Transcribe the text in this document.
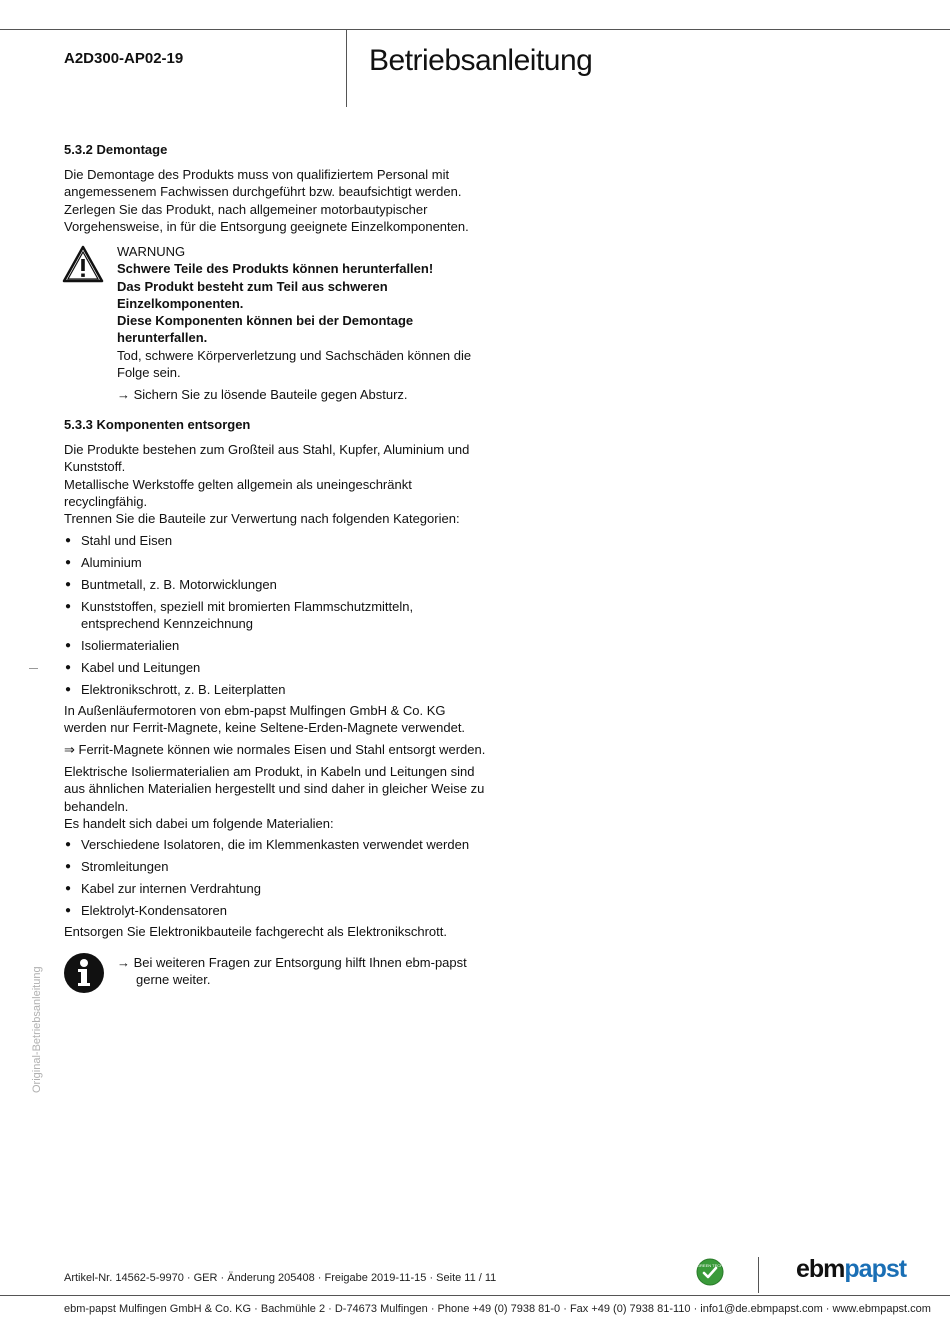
A2D300-AP02-19	Betriebsanleitung
5.3.2 Demontage
Die Demontage des Produkts muss von qualifiziertem Personal mit
angemessenem Fachwissen durchgeführt bzw. beaufsichtigt werden.
Zerlegen Sie das Produkt, nach allgemeiner motorbautypischer
Vorgehensweise, in für die Entsorgung geeignete Einzelkomponenten.
WARNUNG
Schwere Teile des Produkts können herunterfallen!
Das Produkt besteht zum Teil aus schweren
Einzelkomponenten.
Diese Komponenten können bei der Demontage
herunterfallen.
Tod, schwere Körperverletzung und Sachschäden können die
Folge sein.
→ Sichern Sie zu lösende Bauteile gegen Absturz.
5.3.3 Komponenten entsorgen
Die Produkte bestehen zum Großteil aus Stahl, Kupfer, Aluminium und
Kunststoff.
Metallische Werkstoffe gelten allgemein als uneingeschränkt
recyclingfähig.
Trennen Sie die Bauteile zur Verwertung nach folgenden Kategorien:
● Stahl und Eisen
● Aluminium
● Buntmetall, z. B. Motorwicklungen
● Kunststoffen, speziell mit bromierten Flammschutzmitteln,
entsprechend Kennzeichnung
● Isoliermaterialien
● Kabel und Leitungen
● Elektronikschrott, z. B. Leiterplatten
In Außenläufermotoren von ebm-papst Mulfingen GmbH & Co. KG
werden nur Ferrit-Magnete, keine Seltene-Erden-Magnete verwendet.
⇒ Ferrit-Magnete können wie normales Eisen und Stahl entsorgt werden.
Elektrische Isoliermaterialien am Produkt, in Kabeln und Leitungen sind
aus ähnlichen Materialien hergestellt und sind daher in gleicher Weise zu
behandeln.
Es handelt sich dabei um folgende Materialien:
● Verschiedene Isolatoren, die im Klemmenkasten verwendet werden
● Stromleitungen
● Kabel zur internen Verdrahtung
● Elektrolyt-Kondensatoren
Entsorgen Sie Elektronikbauteile fachgerecht als Elektronikschrott.
→ Bei weiteren Fragen zur Entsorgung hilft Ihnen ebm-papst
gerne weiter.
Original-Betriebsanleitung
Artikel-Nr. 14562-5-9970 · GER · Änderung 205408 · Freigabe 2019-11-15 · Seite 11 / 11
GREEN TECH	ebmpapst
ebm-papst Mulfingen GmbH & Co. KG · Bachmühle 2 · D-74673 Mulfingen · Phone +49 (0) 7938 81-0 · Fax +49 (0) 7938 81-110 · info1@de.ebmpapst.com · www.ebmpapst.com
